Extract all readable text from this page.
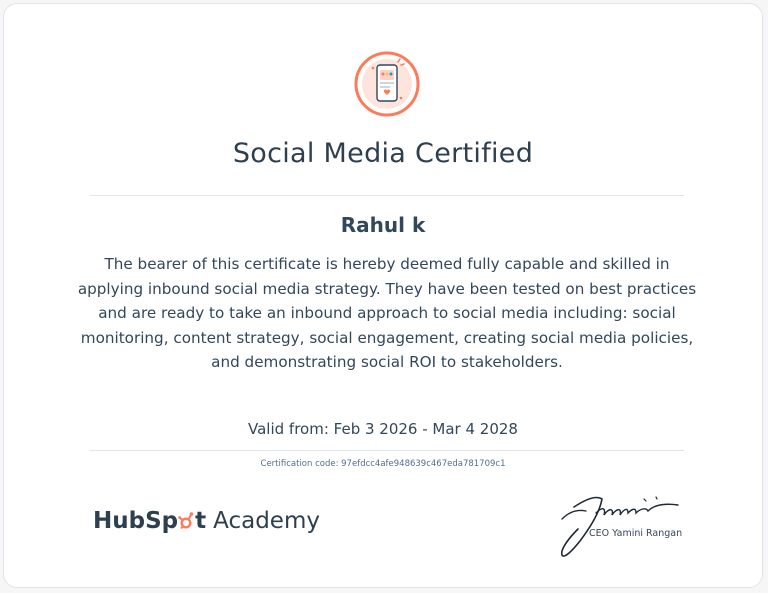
Social Media Certified
Rahul k
The bearer of this certificate is hereby deemed fully capable and skilled in applying inbound social media strategy. They have been tested on best practices and are ready to take an inbound approach to social media including: social monitoring, content strategy, social engagement, creating social media policies, and demonstrating social ROI to stakeholders.
Valid from: Feb 3 2026 - Mar 4 2028
Certification code: 97efdcc4afe948639c467eda781709c1
HubSp t Academy	CEO Yamini Rangan
